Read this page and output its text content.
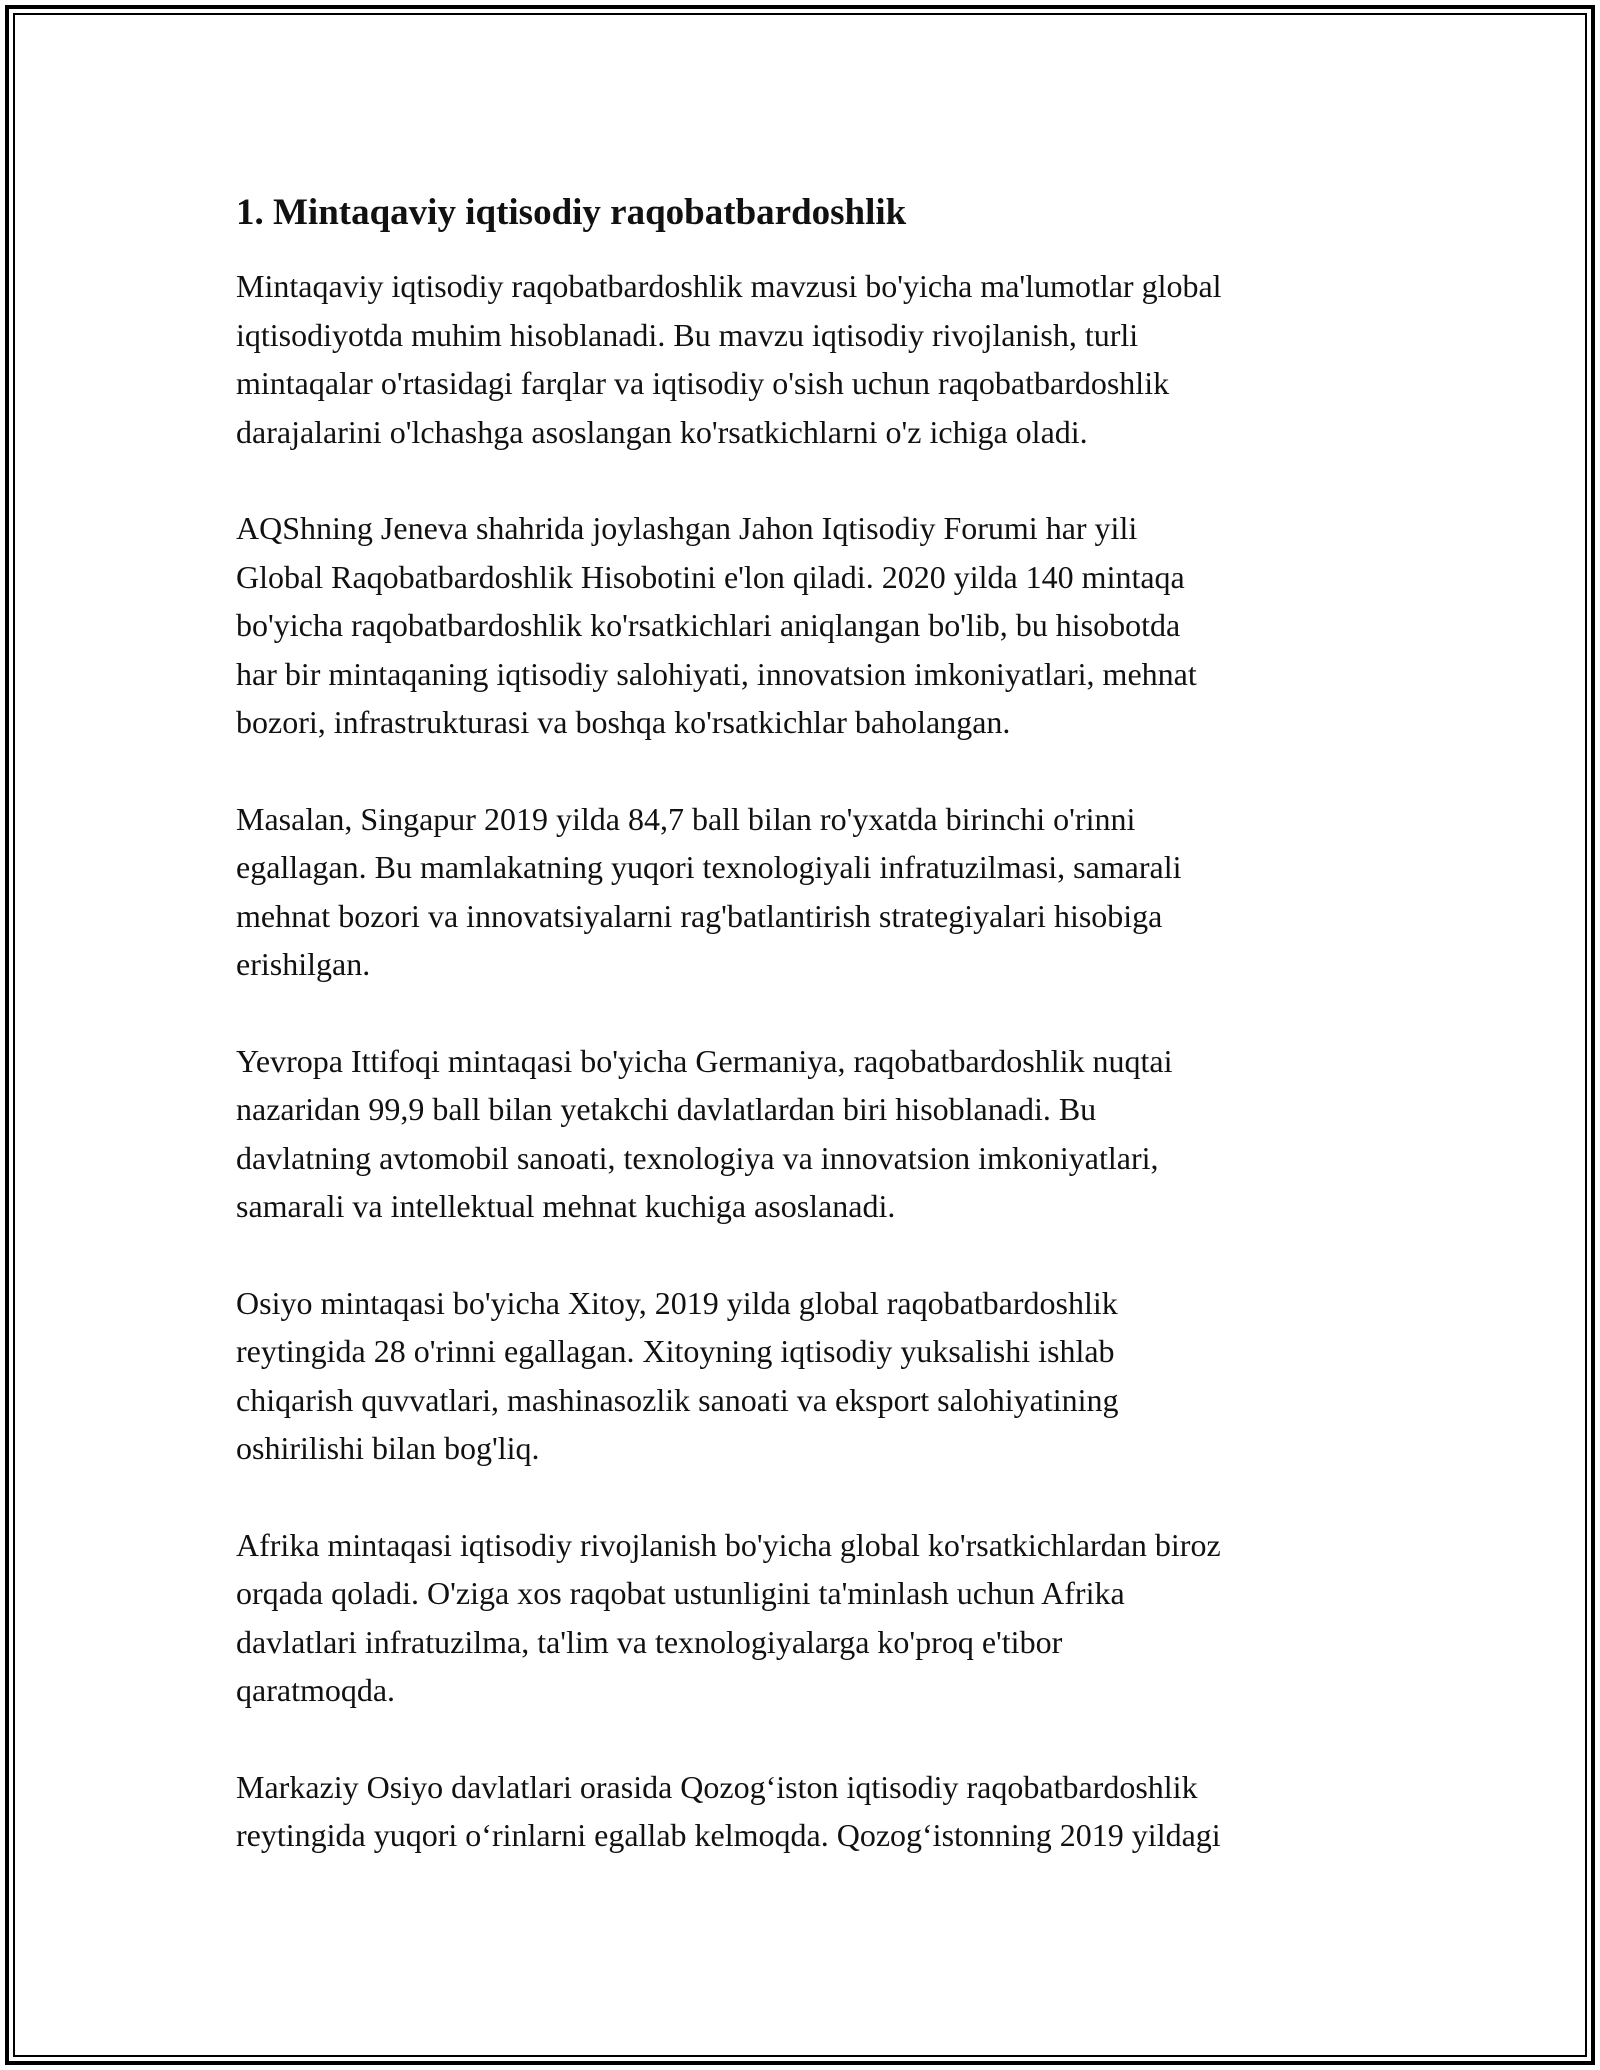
1. Mintaqaviy iqtisodiy raqobatbardoshlik

Mintaqaviy iqtisodiy raqobatbardoshlik mavzusi bo'yicha ma'lumotlar global
iqtisodiyotda muhim hisoblanadi. Bu mavzu iqtisodiy rivojlanish, turli
mintaqalar o'rtasidagi farqlar va iqtisodiy o'sish uchun raqobatbardoshlik
darajalarini o'lchashga asoslangan ko'rsatkichlarni o'z ichiga oladi.

AQShning Jeneva shahrida joylashgan Jahon Iqtisodiy Forumi har yili
Global Raqobatbardoshlik Hisobotini e'lon qiladi. 2020 yilda 140 mintaqa
bo'yicha raqobatbardoshlik ko'rsatkichlari aniqlangan bo'lib, bu hisobotda
har bir mintaqaning iqtisodiy salohiyati, innovatsion imkoniyatlari, mehnat
bozori, infrastrukturasi va boshqa ko'rsatkichlar baholangan.

Masalan, Singapur 2019 yilda 84,7 ball bilan ro'yxatda birinchi o'rinni
egallagan. Bu mamlakatning yuqori texnologiyali infratuzilmasi, samarali
mehnat bozori va innovatsiyalarni rag'batlantirish strategiyalari hisobiga
erishilgan.

Yevropa Ittifoqi mintaqasi bo'yicha Germaniya, raqobatbardoshlik nuqtai
nazaridan 99,9 ball bilan yetakchi davlatlardan biri hisoblanadi. Bu
davlatning avtomobil sanoati, texnologiya va innovatsion imkoniyatlari,
samarali va intellektual mehnat kuchiga asoslanadi.

Osiyo mintaqasi bo'yicha Xitoy, 2019 yilda global raqobatbardoshlik
reytingida 28 o'rinni egallagan. Xitoyning iqtisodiy yuksalishi ishlab
chiqarish quvvatlari, mashinasozlik sanoati va eksport salohiyatining
oshirilishi bilan bog'liq.

Afrika mintaqasi iqtisodiy rivojlanish bo'yicha global ko'rsatkichlardan biroz
orqada qoladi. O'ziga xos raqobat ustunligini ta'minlash uchun Afrika
davlatlari infratuzilma, ta'lim va texnologiyalarga ko'proq e'tibor
qaratmoqda.

Markaziy Osiyo davlatlari orasida Qozog‘iston iqtisodiy raqobatbardoshlik
reytingida yuqori o‘rinlarni egallab kelmoqda. Qozog‘istonning 2019 yildagi
